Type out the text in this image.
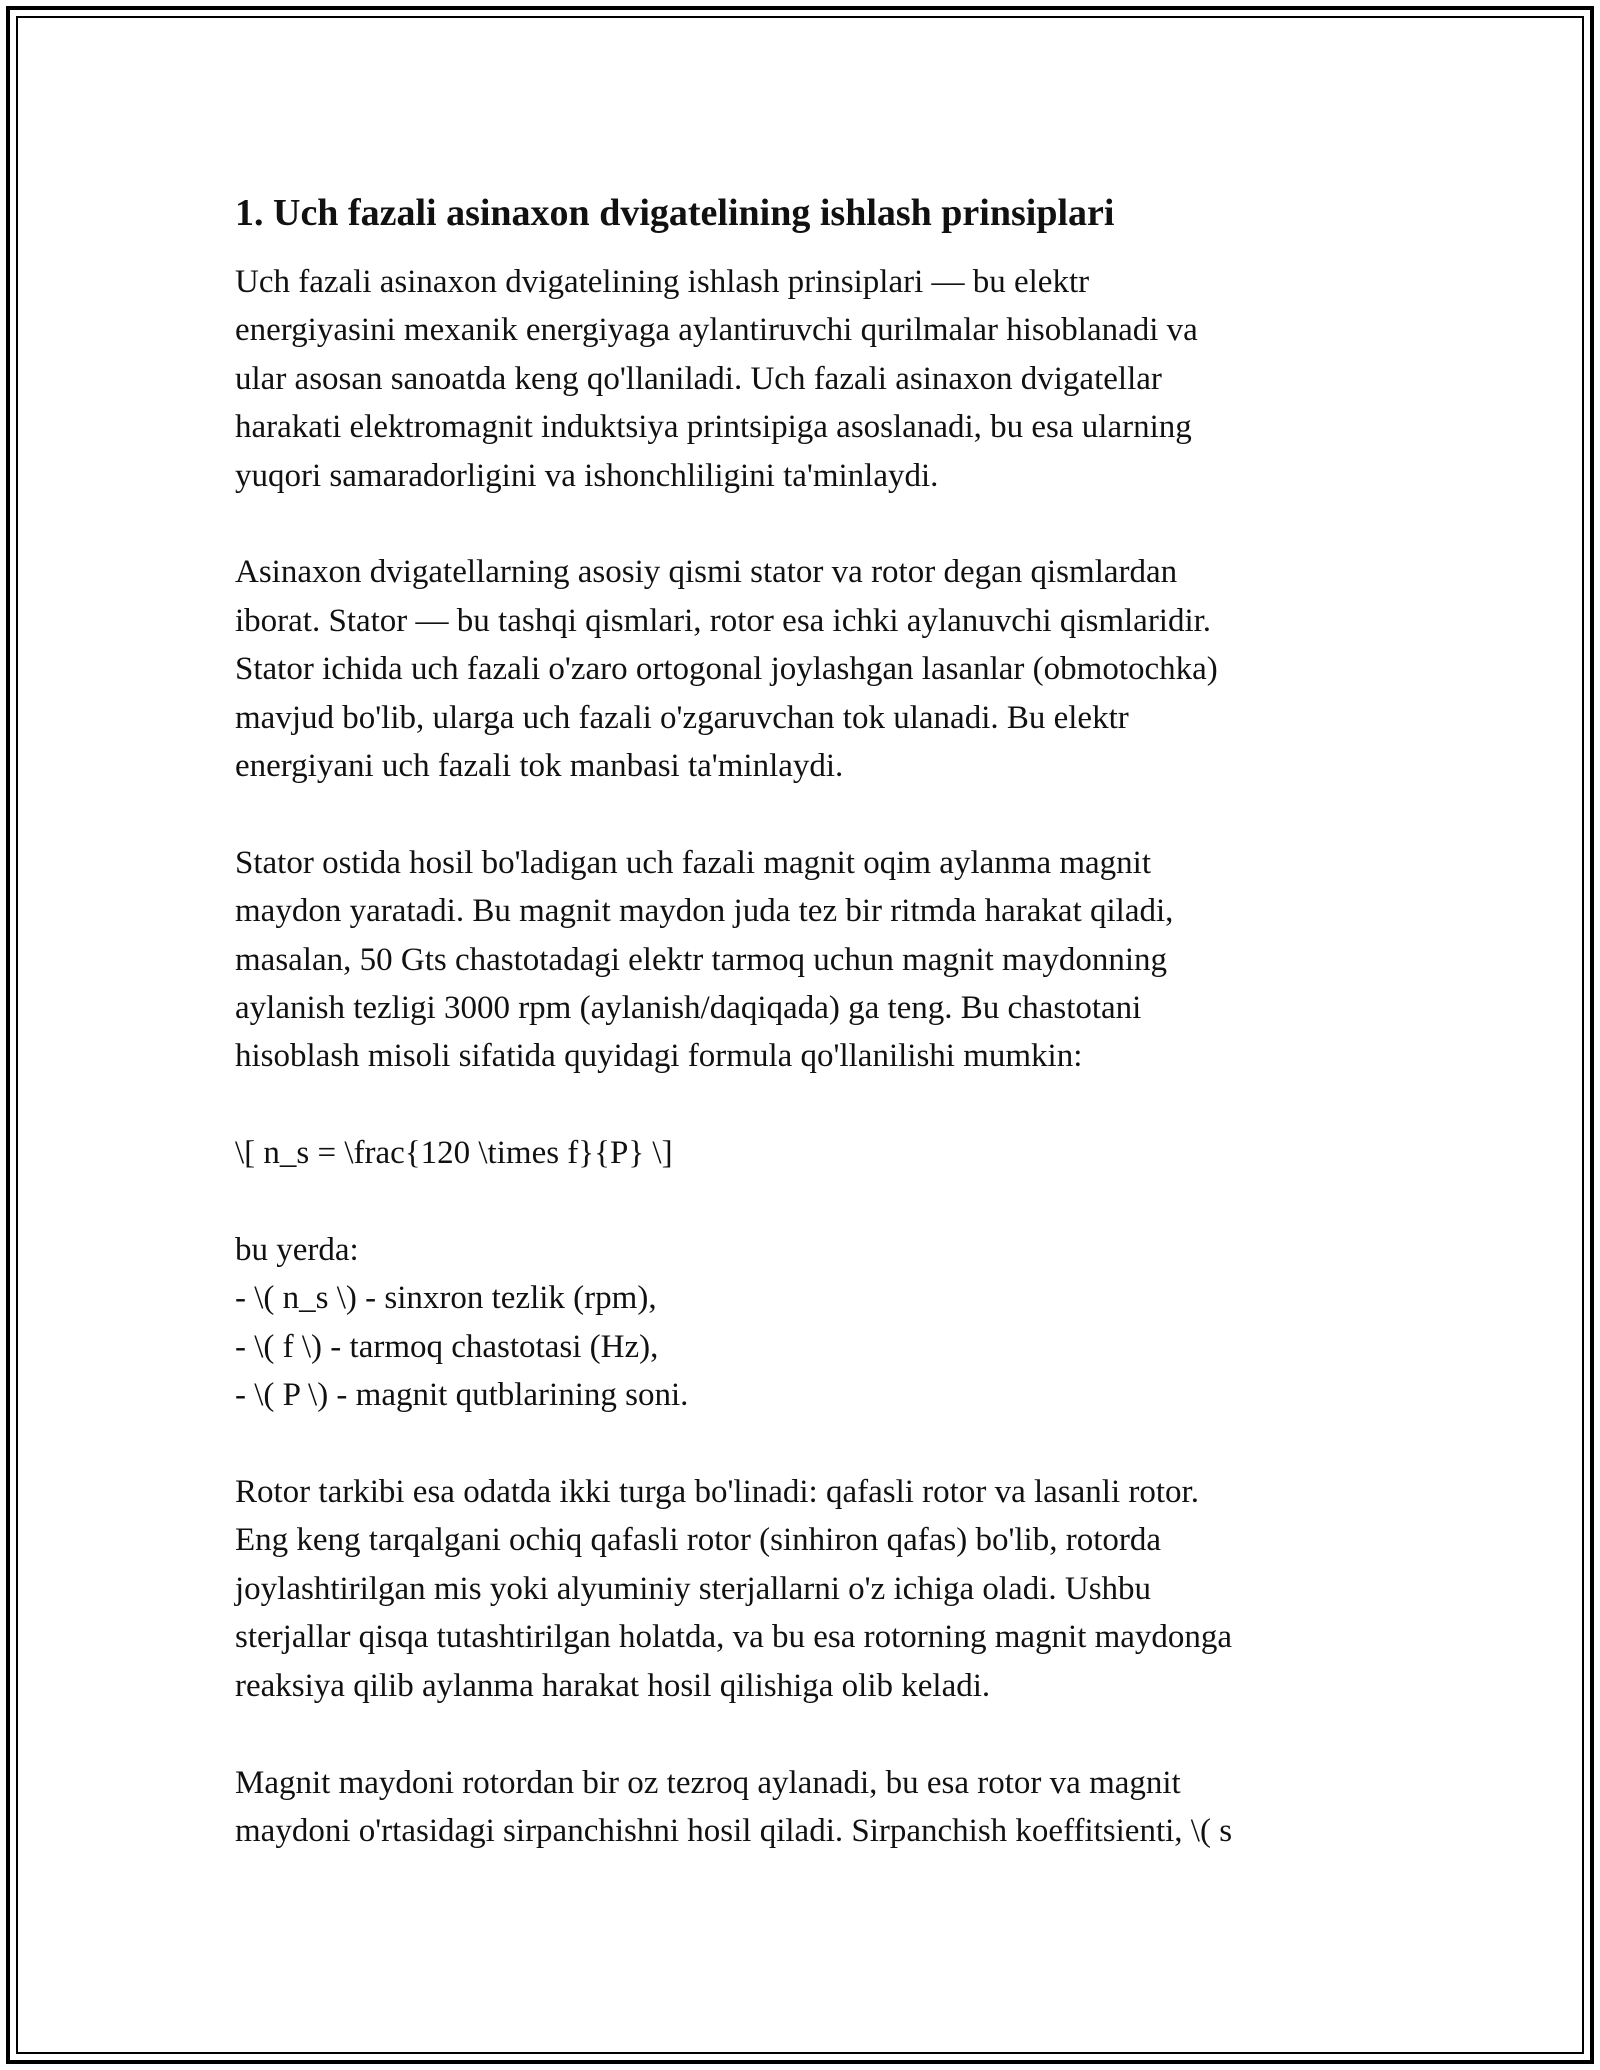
1. Uch fazali asinaxon dvigatelining ishlash prinsiplari
Uch fazali asinaxon dvigatelining ishlash prinsiplari — bu elektr
energiyasini mexanik energiyaga aylantiruvchi qurilmalar hisoblanadi va
ular asosan sanoatda keng qo'llaniladi. Uch fazali asinaxon dvigatellar
harakati elektromagnit induktsiya printsipiga asoslanadi, bu esa ularning
yuqori samaradorligini va ishonchliligini ta'minlaydi.
Asinaxon dvigatellarning asosiy qismi stator va rotor degan qismlardan
iborat. Stator — bu tashqi qismlari, rotor esa ichki aylanuvchi qismlaridir.
Stator ichida uch fazali o'zaro ortogonal joylashgan lasanlar (obmotochka)
mavjud bo'lib, ularga uch fazali o'zgaruvchan tok ulanadi. Bu elektr
energiyani uch fazali tok manbasi ta'minlaydi.
Stator ostida hosil bo'ladigan uch fazali magnit oqim aylanma magnit
maydon yaratadi. Bu magnit maydon juda tez bir ritmda harakat qiladi,
masalan, 50 Gts chastotadagi elektr tarmoq uchun magnit maydonning
aylanish tezligi 3000 rpm (aylanish/daqiqada) ga teng. Bu chastotani
hisoblash misoli sifatida quyidagi formula qo'llanilishi mumkin:
\[ n_s = \frac{120 \times f}{P} \]
bu yerda:
- \( n_s \) - sinxron tezlik (rpm),
- \( f \) - tarmoq chastotasi (Hz),
- \( P \) - magnit qutblarining soni.
Rotor tarkibi esa odatda ikki turga bo'linadi: qafasli rotor va lasanli rotor.
Eng keng tarqalgani ochiq qafasli rotor (sinhiron qafas) bo'lib, rotorda
joylashtirilgan mis yoki alyuminiy sterjallarni o'z ichiga oladi. Ushbu
sterjallar qisqa tutashtirilgan holatda, va bu esa rotorning magnit maydonga
reaksiya qilib aylanma harakat hosil qilishiga olib keladi.
Magnit maydoni rotordan bir oz tezroq aylanadi, bu esa rotor va magnit
maydoni o'rtasidagi sirpanchishni hosil qiladi. Sirpanchish koeffitsienti, \( s
